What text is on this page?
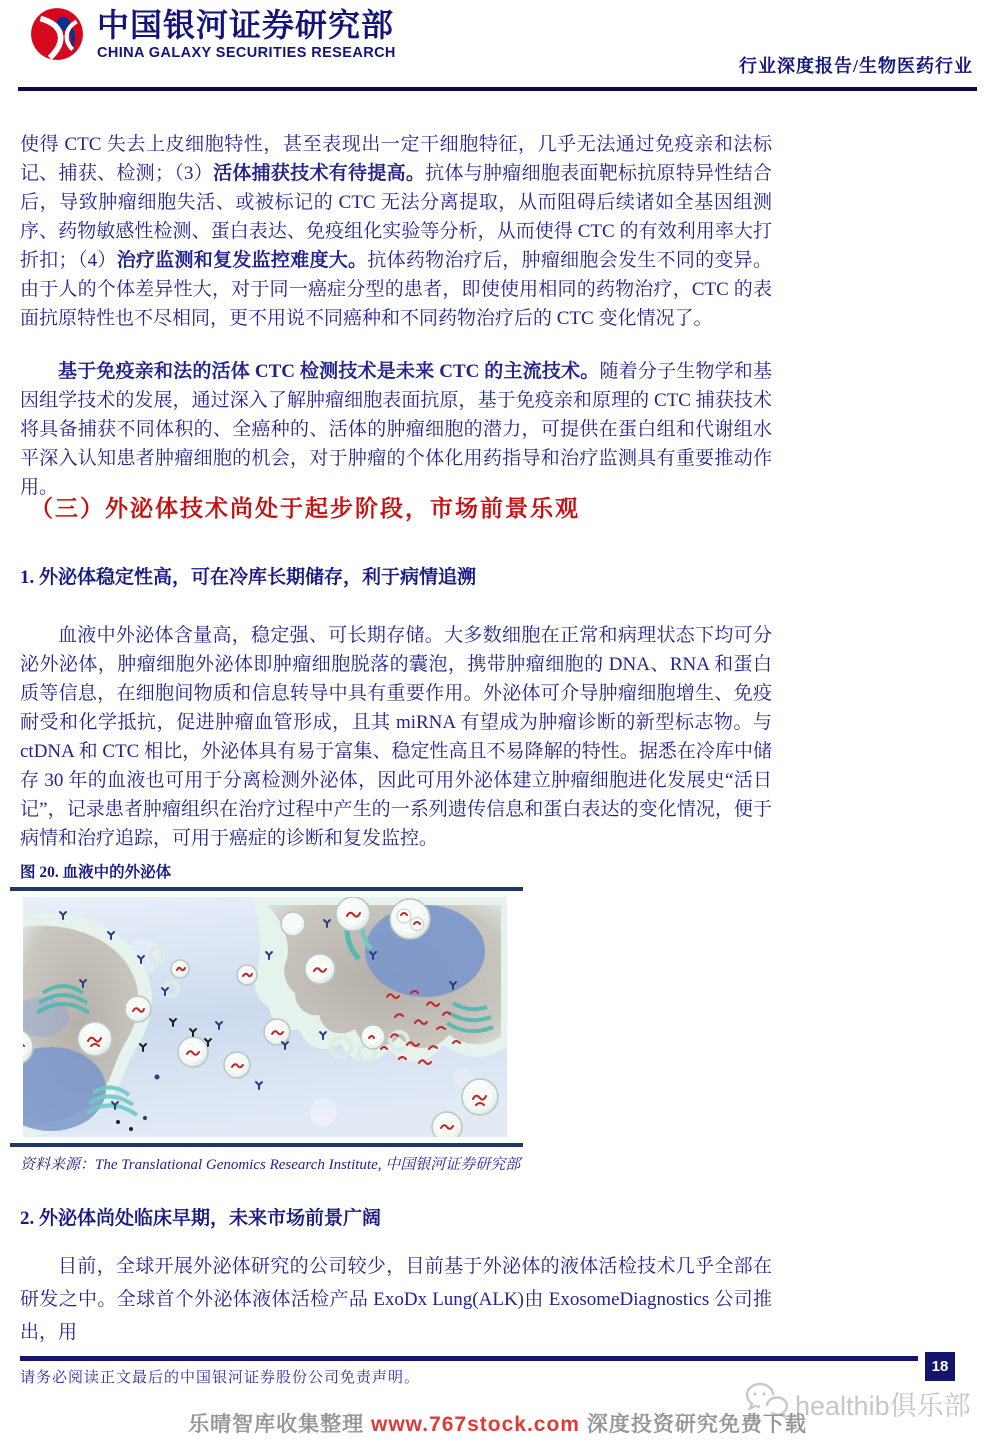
中国银河证券研究部
CHINA GALAXY SECURITIES RESEARCH
行业深度报告/生物医药行业
使得 CTC 失去上皮细胞特性，甚至表现出一定干细胞特征，几乎无法通过免疫亲和法标记、捕获、检测；（3）活体捕获技术有待提高。抗体与肿瘤细胞表面靶标抗原特异性结合后，导致肿瘤细胞失活、或被标记的 CTC 无法分离提取，从而阻碍后续诸如全基因组测序、药物敏感性检测、蛋白表达、免疫组化实验等分析，从而使得 CTC 的有效利用率大打折扣；（4）治疗监测和复发监控难度大。抗体药物治疗后，肿瘤细胞会发生不同的变异。由于人的个体差异性大，对于同一癌症分型的患者，即使使用相同的药物治疗，CTC 的表面抗原特性也不尽相同，更不用说不同癌种和不同药物治疗后的 CTC 变化情况了。
基于免疫亲和法的活体 CTC 检测技术是未来 CTC 的主流技术。随着分子生物学和基因组学技术的发展，通过深入了解肿瘤细胞表面抗原，基于免疫亲和原理的 CTC 捕获技术将具备捕获不同体积的、全癌种的、活体的肿瘤细胞的潜力，可提供在蛋白组和代谢组水平深入认知患者肿瘤细胞的机会，对于肿瘤的个体化用药指导和治疗监测具有重要推动作用。
（三）外泌体技术尚处于起步阶段，市场前景乐观
1. 外泌体稳定性高，可在冷库长期储存，利于病情追溯
血液中外泌体含量高，稳定强、可长期存储。大多数细胞在正常和病理状态下均可分泌外泌体，肿瘤细胞外泌体即肿瘤细胞脱落的囊泡，携带肿瘤细胞的 DNA、RNA 和蛋白质等信息，在细胞间物质和信息转导中具有重要作用。外泌体可介导肿瘤细胞增生、免疫耐受和化学抵抗，促进肿瘤血管形成，且其 miRNA 有望成为肿瘤诊断的新型标志物。与 ctDNA 和 CTC 相比，外泌体具有易于富集、稳定性高且不易降解的特性。据悉在冷库中储存 30 年的血液也可用于分离检测外泌体，因此可用外泌体建立肿瘤细胞进化发展史“活日记”，记录患者肿瘤组织在治疗过程中产生的一系列遗传信息和蛋白表达的变化情况，便于病情和治疗追踪，可用于癌症的诊断和复发监控。
图 20. 血液中的外泌体
资料来源：The Translational Genomics Research Institute, 中国银河证券研究部
2. 外泌体尚处临床早期，未来市场前景广阔
目前，全球开展外泌体研究的公司较少，目前基于外泌体的液体活检技术几乎全部在研发之中。全球首个外泌体液体活检产品 ExoDx Lung(ALK)由 ExosomeDiagnostics 公司推出，用
18
请务必阅读正文最后的中国银河证券股份公司免责声明。
healthib俱乐部
乐晴智库收集整理 www.767stock.com 深度投资研究免费下载
